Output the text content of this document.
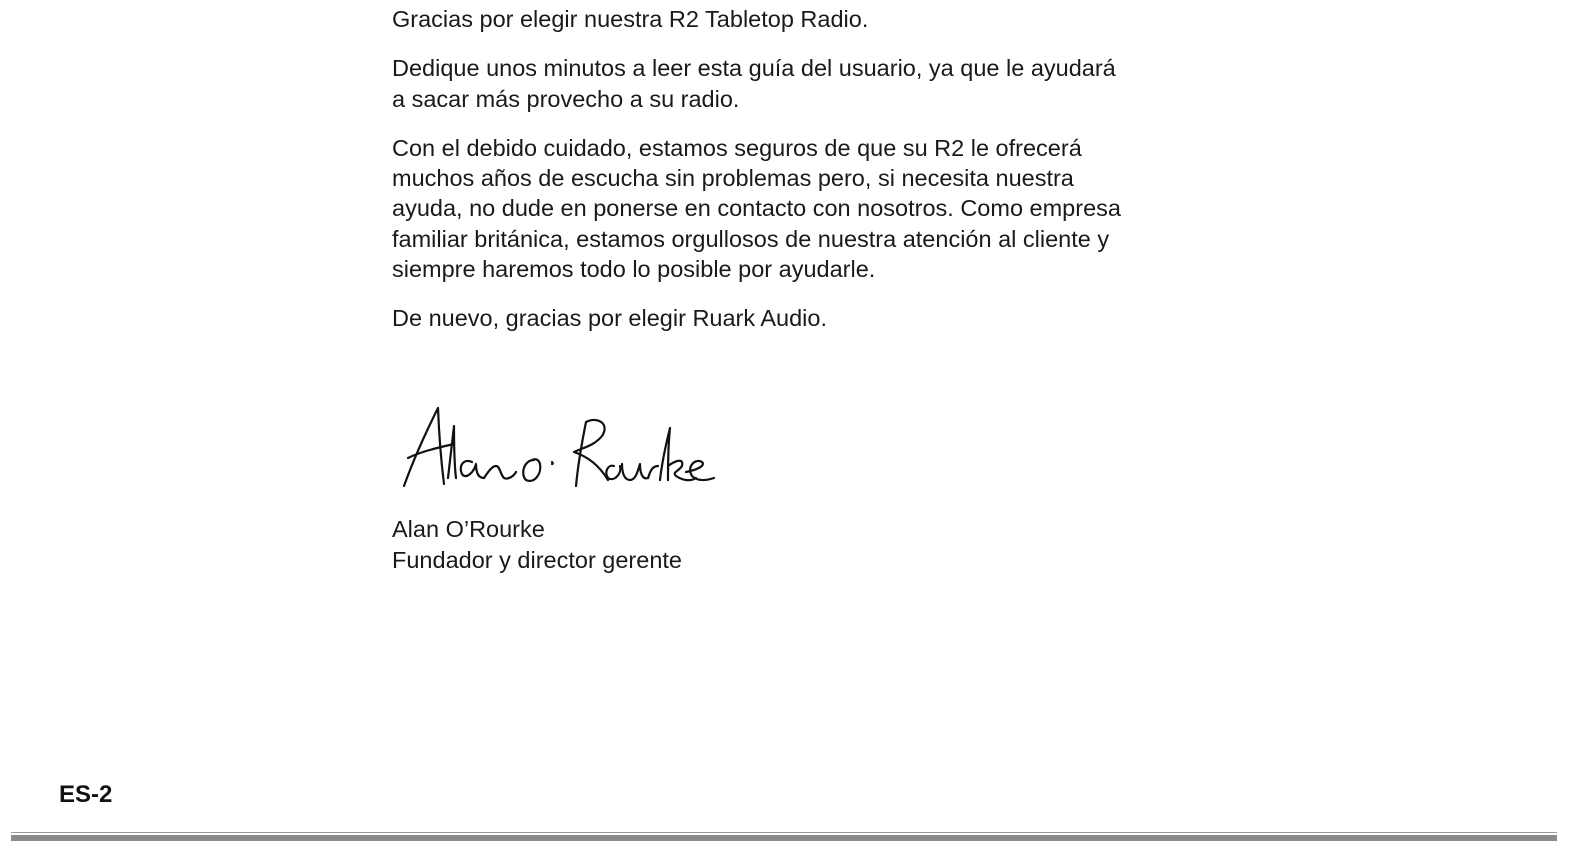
Gracias por elegir nuestra R2 Tabletop Radio.

Dedique unos minutos a leer esta guía del usuario, ya que le ayudará a sacar más provecho a su radio.

Con el debido cuidado, estamos seguros de que su R2 le ofrecerá muchos años de escucha sin problemas pero, si necesita nuestra ayuda, no dude en ponerse en contacto con nosotros. Como empresa familiar británica, estamos orgullosos de nuestra atención al cliente y siempre haremos todo lo posible por ayudarle.

De nuevo, gracias por elegir Ruark Audio.

Alan O’Rourke
Fundador y director gerente
ES-2
